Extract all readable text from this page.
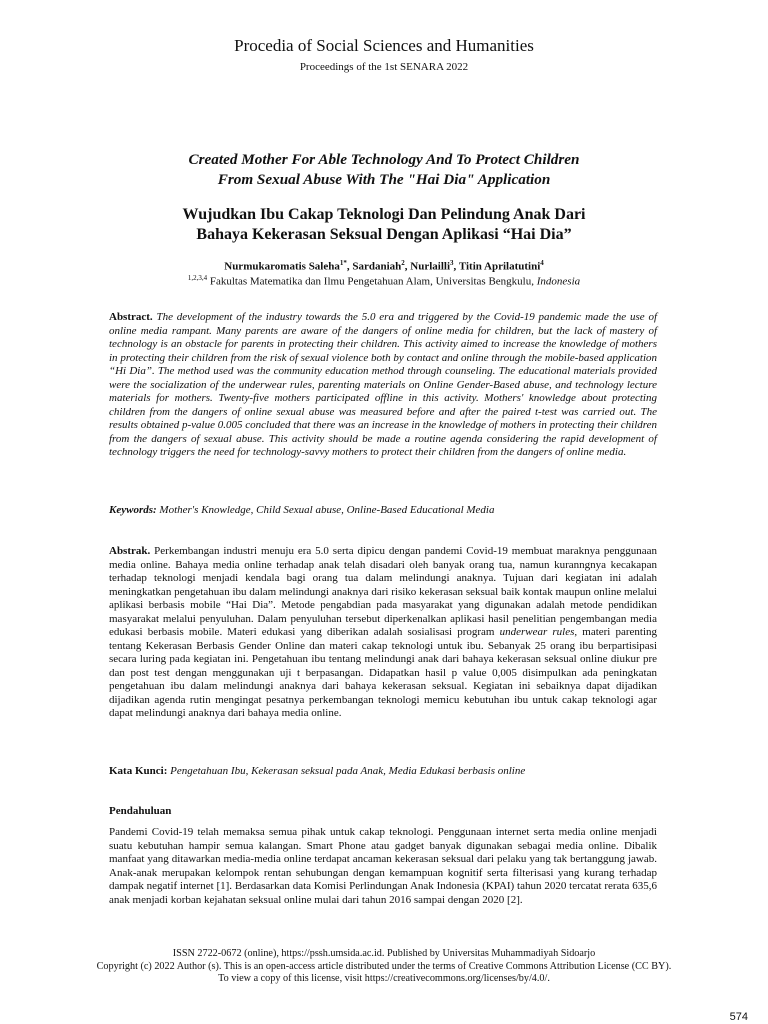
Procedia of Social Sciences and Humanities
Proceedings of the 1st SENARA 2022
Created Mother For Able Technology And To Protect Children
From Sexual Abuse With The "Hai Dia" Application
Wujudkan Ibu Cakap Teknologi Dan Pelindung Anak Dari
Bahaya Kekerasan Seksual Dengan Aplikasi “Hai Dia”
Nurmukaromatis Saleha$^{1*}$, Sardaniah$^2$, Nurlailli$^3$, Titin Aprilatutini$^4$
$^{1,2,3,4}$ Fakultas Matematika dan Ilmu Pengetahuan Alam, Universitas Bengkulu, Indonesia
Abstract. The development of the industry towards the 5.0 era and triggered by the Covid-19 pandemic made the use of online media rampant. Many parents are aware of the dangers of online media for children, but the lack of mastery of technology is an obstacle for parents in protecting their children. This activity aimed to increase the knowledge of mothers in protecting their children from the risk of sexual violence both by contact and online through the mobile-based application “Hi Dia”. The method used was the community education method through counseling. The educational materials provided were the socialization of the underwear rules, parenting materials on Online Gender-Based abuse, and technology lecture materials for mothers. Twenty-five mothers participated offline in this activity. Mothers' knowledge about protecting children from the dangers of online sexual abuse was measured before and after the paired t-test was carried out. The results obtained p-value 0.005 concluded that there was an increase in the knowledge of mothers in protecting their children from the dangers of sexual abuse. This activity should be made a routine agenda considering the rapid development of technology triggers the need for technology-savvy mothers to protect their children from the dangers of online media.
Keywords: Mother's Knowledge, Child Sexual abuse, Online-Based Educational Media
Abstrak. Perkembangan industri menuju era 5.0 serta dipicu dengan pandemi Covid-19 membuat maraknya penggunaan media online. Bahaya media online terhadap anak telah disadari oleh banyak orang tua, namun kuranngnya kecakapan terhadap teknologi menjadi kendala bagi orang tua dalam melindungi anaknya. Tujuan dari kegiatan ini adalah meningkatkan pengetahuan ibu dalam melindungi anaknya dari risiko kekerasan seksual baik kontak maupun online melalui aplikasi berbasis mobile “Hai Dia”. Metode pengabdian pada masyarakat yang digunakan adalah metode pendidikan masyarakat melalui penyuluhan. Dalam penyuluhan tersebut diperkenalkan aplikasi hasil penelitian pengembangan media edukasi berbasis mobile. Materi edukasi yang diberikan adalah sosialisasi program underwear rules, materi parenting tentang Kekerasan Berbasis Gender Online dan materi cakap teknologi untuk ibu. Sebanyak 25 orang ibu berpartisipasi secara luring pada kegiatan ini. Pengetahuan ibu tentang melindungi anak dari bahaya kekerasan seksual online diukur pre dan post test dengan menggunakan uji t berpasangan. Didapatkan hasil p value 0,005 disimpulkan ada peningkatan pengetahuan ibu dalam melindungi anaknya dari bahaya kekerasan seksual. Kegiatan ini sebaiknya dapat dijadikan dijadikan agenda rutin mengingat pesatnya perkembangan teknologi memicu kebutuhan ibu untuk cakap teknologi agar dapat melindungi anaknya dari bahaya media online.
Kata Kunci: Pengetahuan Ibu, Kekerasan seksual pada Anak, Media Edukasi berbasis online
Pendahuluan
Pandemi Covid-19 telah memaksa semua pihak untuk cakap teknologi. Penggunaan internet serta media online menjadi suatu kebutuhan hampir semua kalangan. Smart Phone atau gadget banyak digunakan sebagai media online. Dibalik manfaat yang ditawarkan media-media online terdapat ancaman kekerasan seksual dari pelaku yang tak bertanggung jawab. Anak-anak merupakan kelompok rentan sehubungan dengan kemampuan kognitif serta filterisasi yang kurang terhadap dampak negatif internet [1]. Berdasarkan data Komisi Perlindungan Anak Indonesia (KPAI) tahun 2020 tercatat rerata 635,6 anak menjadi korban kejahatan seksual online mulai dari tahun 2016 sampai dengan 2020 [2].
ISSN 2722-0672 (online), https://pssh.umsida.ac.id. Published by Universitas Muhammadiyah Sidoarjo
Copyright (c) 2022 Author (s). This is an open-access article distributed under the terms of Creative Commons Attribution License (CC BY).
To view a copy of this license, visit https://creativecommons.org/licenses/by/4.0/.
574
